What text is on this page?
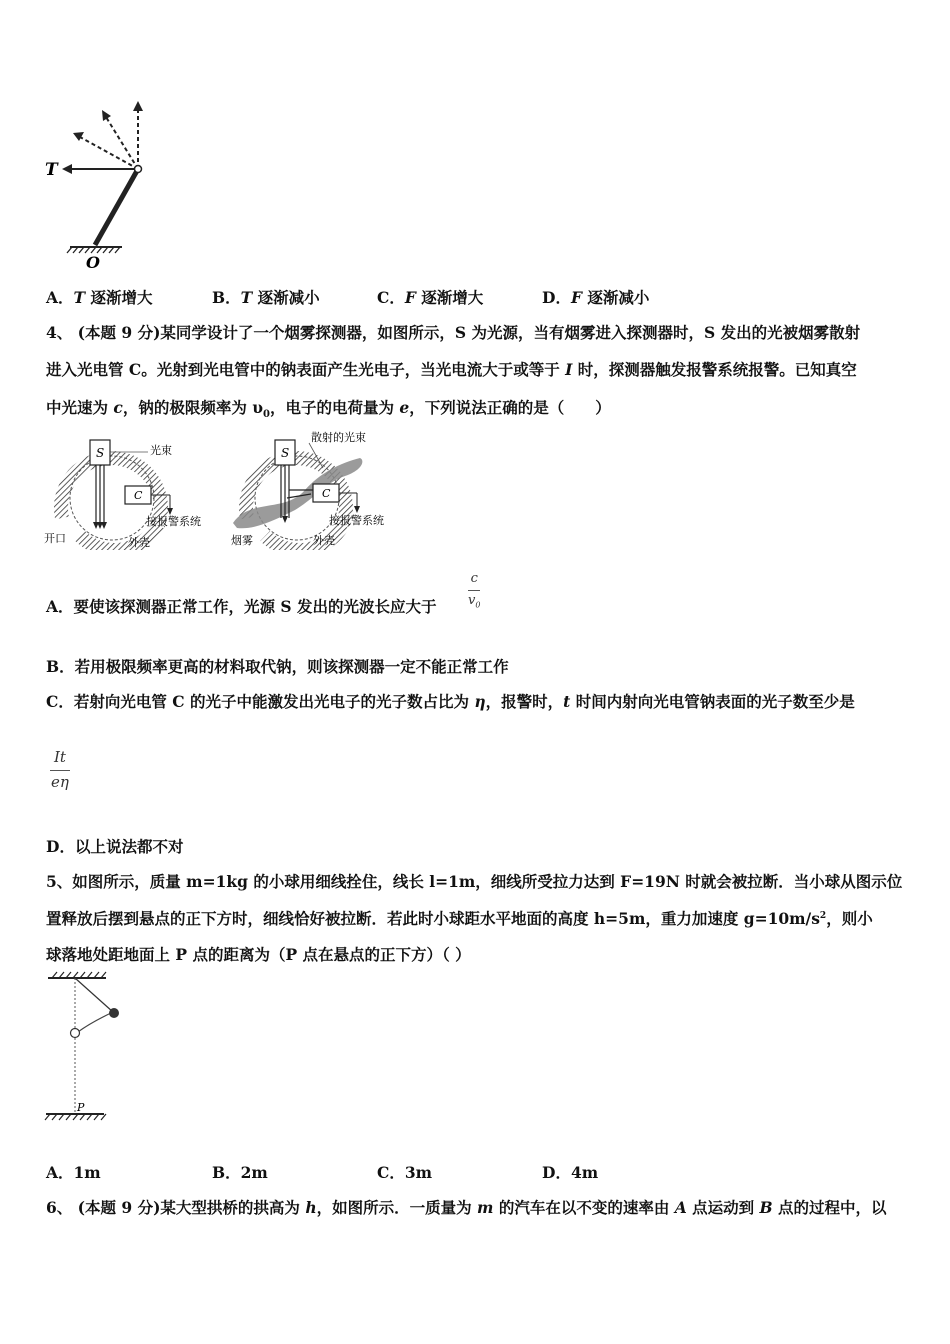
T
O
A．T 逐渐增大	B．T 逐渐减小	C．F 逐渐增大	D．F 逐渐减小
4、 (本题 9 分)某同学设计了一个烟雾探测器，如图所示，S 为光源，当有烟雾进入探测器时，S 发出的光被烟雾散射
进入光电管 C。光射到光电管中的钠表面产生光电子，当光电流大于或等于 I 时，探测器触发报警系统报警。已知真空
中光速为 c，钠的极限频率为 $\upsilon_0$，电子的电荷量为 e，下列说法正确的是（　　）
S
C
光束
接报警系统
开口	外壳
S
C
散射的光束
接报警系统
烟雾	外壳
A．要使该探测器正常工作，光源 S 发出的光波长应大于 $\frac{c}{v_0}$
B．若用极限频率更高的材料取代钠，则该探测器一定不能正常工作
C．若射向光电管 C 的光子中能激发出光电子的光子数占比为 η，报警时，t 时间内射向光电管钠表面的光子数至少是
$\frac{It}{e\eta}$
D．以上说法都不对
5、如图所示，质量 m=1kg 的小球用细线拴住，线长 l=1m，细线所受拉力达到 F=19N 时就会被拉断．当小球从图示位
置释放后摆到悬点的正下方时，细线恰好被拉断．若此时小球距水平地面的高度 h=5m，重力加速度 $g=10m/s^2$，则小
球落地处距地面上 P 点的距离为（P 点在悬点的正下方）（ ）
P
A．1m	B．2m	C．3m	D．4m
6、 (本题 9 分)某大型拱桥的拱高为 h，如图所示．一质量为 m 的汽车在以不变的速率由 A 点运动到 B 点的过程中，以
